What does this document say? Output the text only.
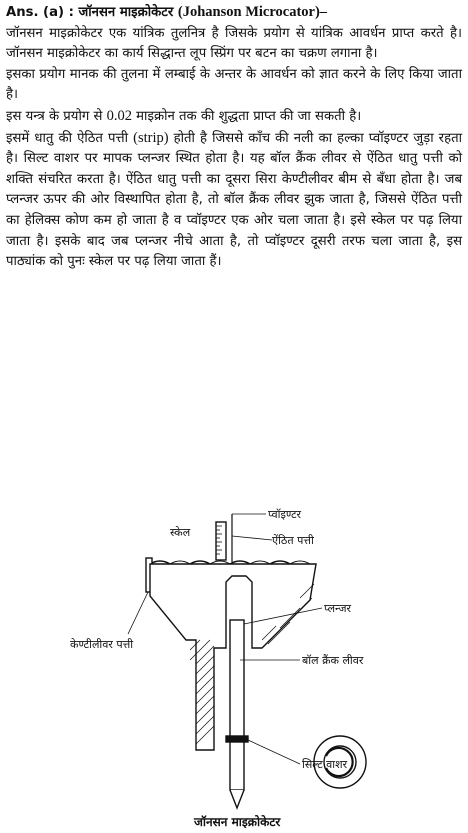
Ans. (a) : जॉनसन माइक्रोकेटर (Johanson Microcator)–

जॉनसन माइक्रोकेटर एक यांत्रिक तुलनित्र है जिसके प्रयोग से यांत्रिक आवर्धन प्राप्त करते है। जॉनसन माइक्रोकेटर का कार्य सिद्धान्त लूप स्प्रिंग पर बटन का चक्रण लगाना है।

इसका प्रयोग मानक की तुलना में लम्बाई के अन्तर के आवर्धन को ज्ञात करने के लिए किया जाता है।

इस यन्त्र के प्रयोग से 0.02 माइक्रोन तक की शुद्धता प्राप्त की जा सकती है।

इसमें धातु की ऐठित पत्ती (strip) होती है जिससे काँच की नली का हल्का प्वॉइण्टर जुड़ा रहता है। सिल्ट वाशर पर मापक प्लन्जर स्थित होता है। यह बॉल क्रैंक लीवर से ऐंठित धातु पत्ती को शक्ति संचरित करता है। ऐंठित धातु पत्ती का दूसरा सिरा केण्टीलीवर बीम से बँधा होता है। जब प्लन्जर ऊपर की ओर विस्थापित होता है, तो बॉल क्रैंक लीवर झुक जाता है, जिससे ऐंठित पत्ती का हेलिक्स कोण कम हो जाता है व प्वॉइण्टर एक ओर चला जाता है। इसे स्केल पर पढ़ लिया जाता है। इसके बाद जब प्लन्जर नीचे आता है, तो प्वॉइण्टर दूसरी तरफ चला जाता है, इस पाठ्यांक को पुनः स्केल पर पढ़ लिया जाता हैं।

प्वॉइण्टर
स्केल
ऐंठित पत्ती
प्लन्जर
केण्टीलीवर पत्ती
बॉल क्रैंक लीवर
सिल्ट वाशर
जॉनसन माइक्रोकेटर
